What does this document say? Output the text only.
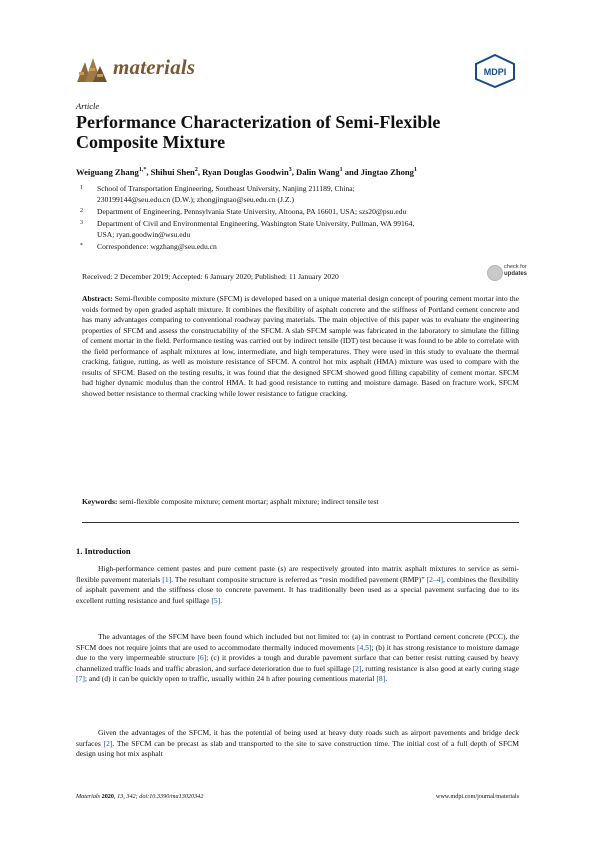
materials	MDPI
Article
Performance Characterization of Semi-Flexible Composite Mixture
Weiguang Zhang$^{1,*}$, Shihui Shen$^2$, Ryan Douglas Goodwin$^3$, Dalin Wang$^1$ and Jingtao Zhong$^1$
1 School of Transportation Engineering, Southeast University, Nanjing 211189, China;
230199144@seu.edu.cn (D.W.); zhongjingtao@seu.edu.cn (J.Z.)
2 Department of Engineering, Pennsylvania State University, Altoona, PA 16601, USA; szs20@psu.edu
3 Department of Civil and Environmental Engineering, Washington State University, Pullman, WA 99164,
USA; ryan.goodwin@wsu.edu
* Correspondence: wgzhang@seu.edu.cn
Received: 2 December 2019; Accepted: 6 January 2020; Published: 11 January 2020
check for
updates

Abstract: Semi-flexible composite mixture (SFCM) is developed based on a unique material design concept of pouring cement mortar into the voids formed by open graded asphalt mixture. It combines the flexibility of asphalt concrete and the stiffness of Portland cement concrete and has many advantages comparing to conventional roadway paving materials. The main objective of this paper was to evaluate the engineering properties of SFCM and assess the constructability of the SFCM. A slab SFCM sample was fabricated in the laboratory to simulate the filling of cement mortar in the field. Performance testing was carried out by indirect tensile (IDT) test because it was found to be able to correlate with the field performance of asphalt mixtures at low, intermediate, and high temperatures. They were used in this study to evaluate the thermal cracking, fatigue, rutting, as well as moisture resistance of SFCM. A control hot mix asphalt (HMA) mixture was used to compare with the results of SFCM. Based on the testing results, it was found that the designed SFCM showed good filling capability of cement mortar. SFCM had higher dynamic modulus than the control HMA. It had good resistance to rutting and moisture damage. Based on fracture work, SFCM showed better resistance to thermal cracking while lower resistance to fatigue cracking.

Keywords: semi-flexible composite mixture; cement mortar; asphalt mixture; indirect tensile test

1. Introduction

High-performance cement pastes and pure cement paste (s) are respectively grouted into matrix asphalt mixtures to service as semi-flexible pavement materials [1]. The resultant composite structure is referred as “resin modified pavement (RMP)” [2–4], combines the flexibility of asphalt pavement and the stiffness close to concrete pavement. It has traditionally been used as a special pavement surfacing due to its excellent rutting resistance and fuel spillage [5].

The advantages of the SFCM have been found which included but not limited to: (a) in contrast to Portland cement concrete (PCC), the SFCM does not require joints that are used to accommodate thermally induced movements [4,5]; (b) it has strong resistance to moisture damage due to the very impermeable structure [6]; (c) it provides a tough and durable pavement surface that can better resist rutting caused by heavy channelized traffic loads and traffic abrasion, and surface deterioration due to fuel spillage [2], rutting resistance is also good at early curing stage [7]; and (d) it can be quickly open to traffic, usually within 24 h after pouring cementious material [8].

Given the advantages of the SFCM, it has the potential of being used at heavy duty roads such as airport pavements and bridge deck surfaces [2]. The SFCM can be precast as slab and transported to the site to save construction time. The initial cost of a full depth of SFCM design using hot mix asphalt

Materials 2020, 13, 342; doi:10.3390/ma13020342	www.mdpi.com/journal/materials
